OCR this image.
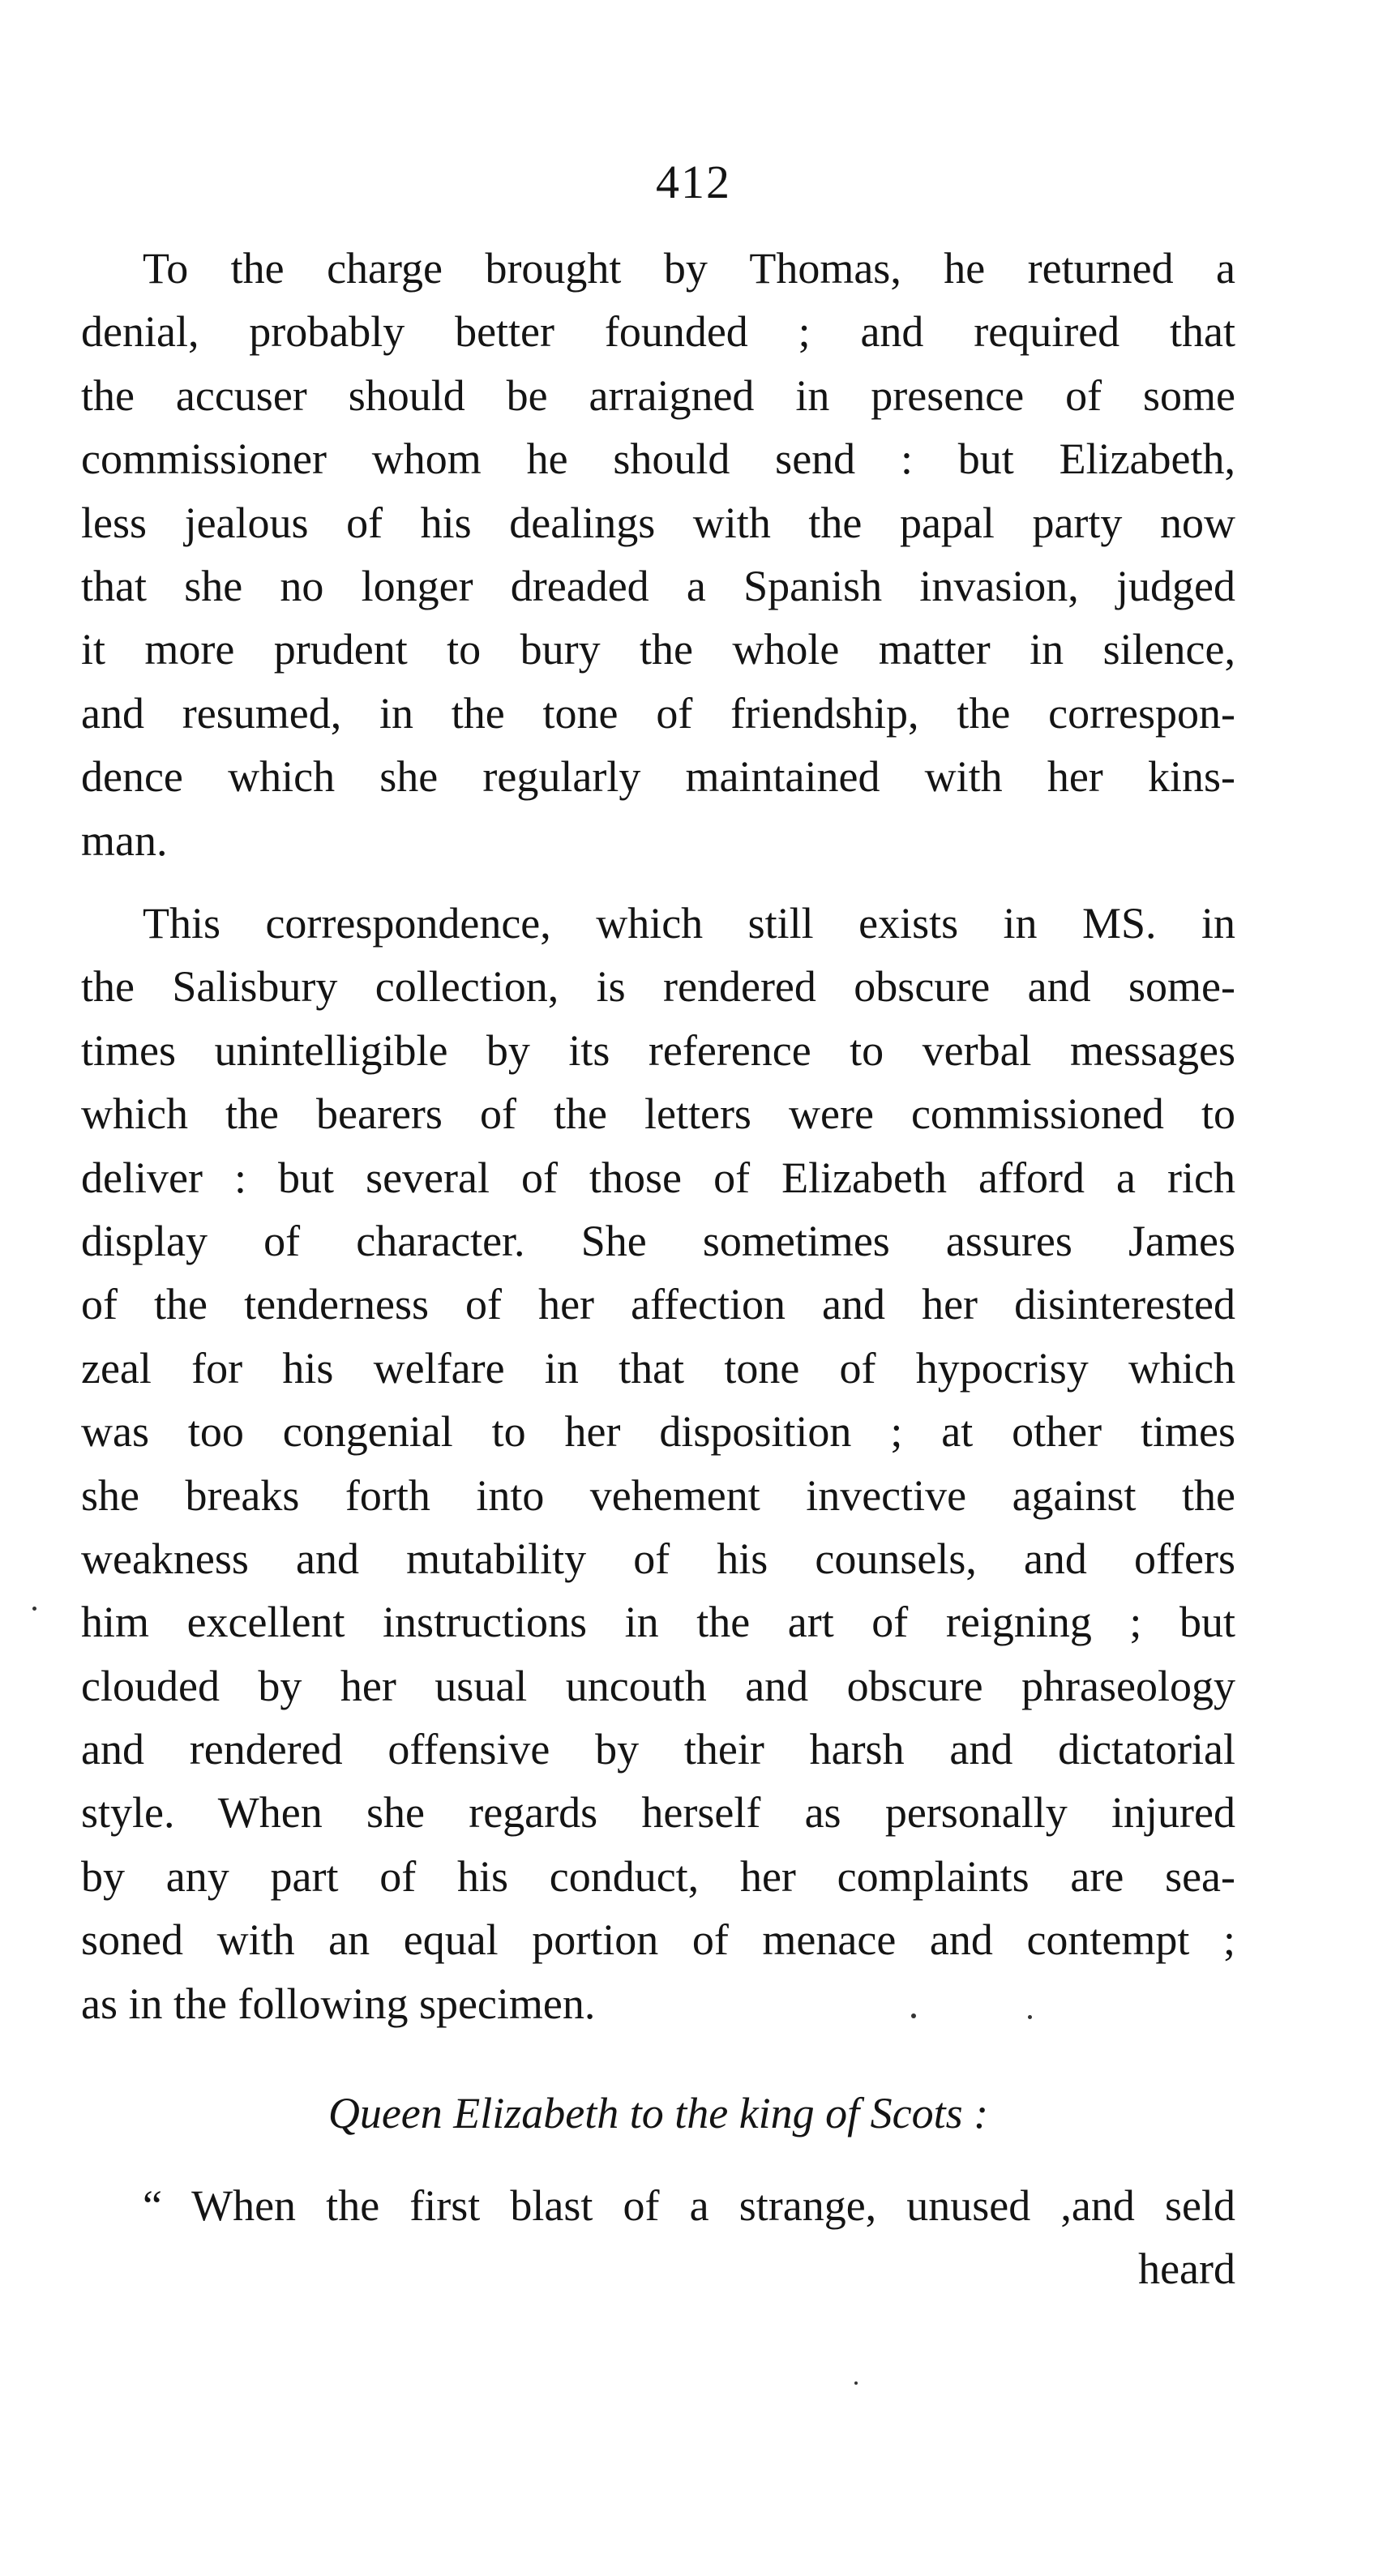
412
To the charge brought by Thomas, he returned a
denial, probably better founded ; and required that
the accuser should be arraigned in presence of some
commissioner whom he should send : but Elizabeth,
less jealous of his dealings with the papal party now
that she no longer dreaded a Spanish invasion, judged
it more prudent to bury the whole matter in silence,
and resumed, in the tone of friendship, the correspon-
dence which she regularly maintained with her kins-
man.
This correspondence, which still exists in MS. in
the Salisbury collection, is rendered obscure and some-
times unintelligible by its reference to verbal messages
which the bearers of the letters were commissioned to
deliver : but several of those of Elizabeth afford a rich
display of character. She sometimes assures James
of the tenderness of her affection and her disinterested
zeal for his welfare in that tone of hypocrisy which
was too congenial to her disposition ; at other times
she breaks forth into vehement invective against the
weakness and mutability of his counsels, and offers
him excellent instructions in the art of reigning ; but
clouded by her usual uncouth and obscure phraseology
and rendered offensive by their harsh and dictatorial
style. When she regards herself as personally injured
by any part of his conduct, her complaints are sea-
soned with an equal portion of menace and contempt ;
as in the following specimen.
Queen Elizabeth to the king of Scots :
“ When the first blast of a strange, unused ,and seld
heard
